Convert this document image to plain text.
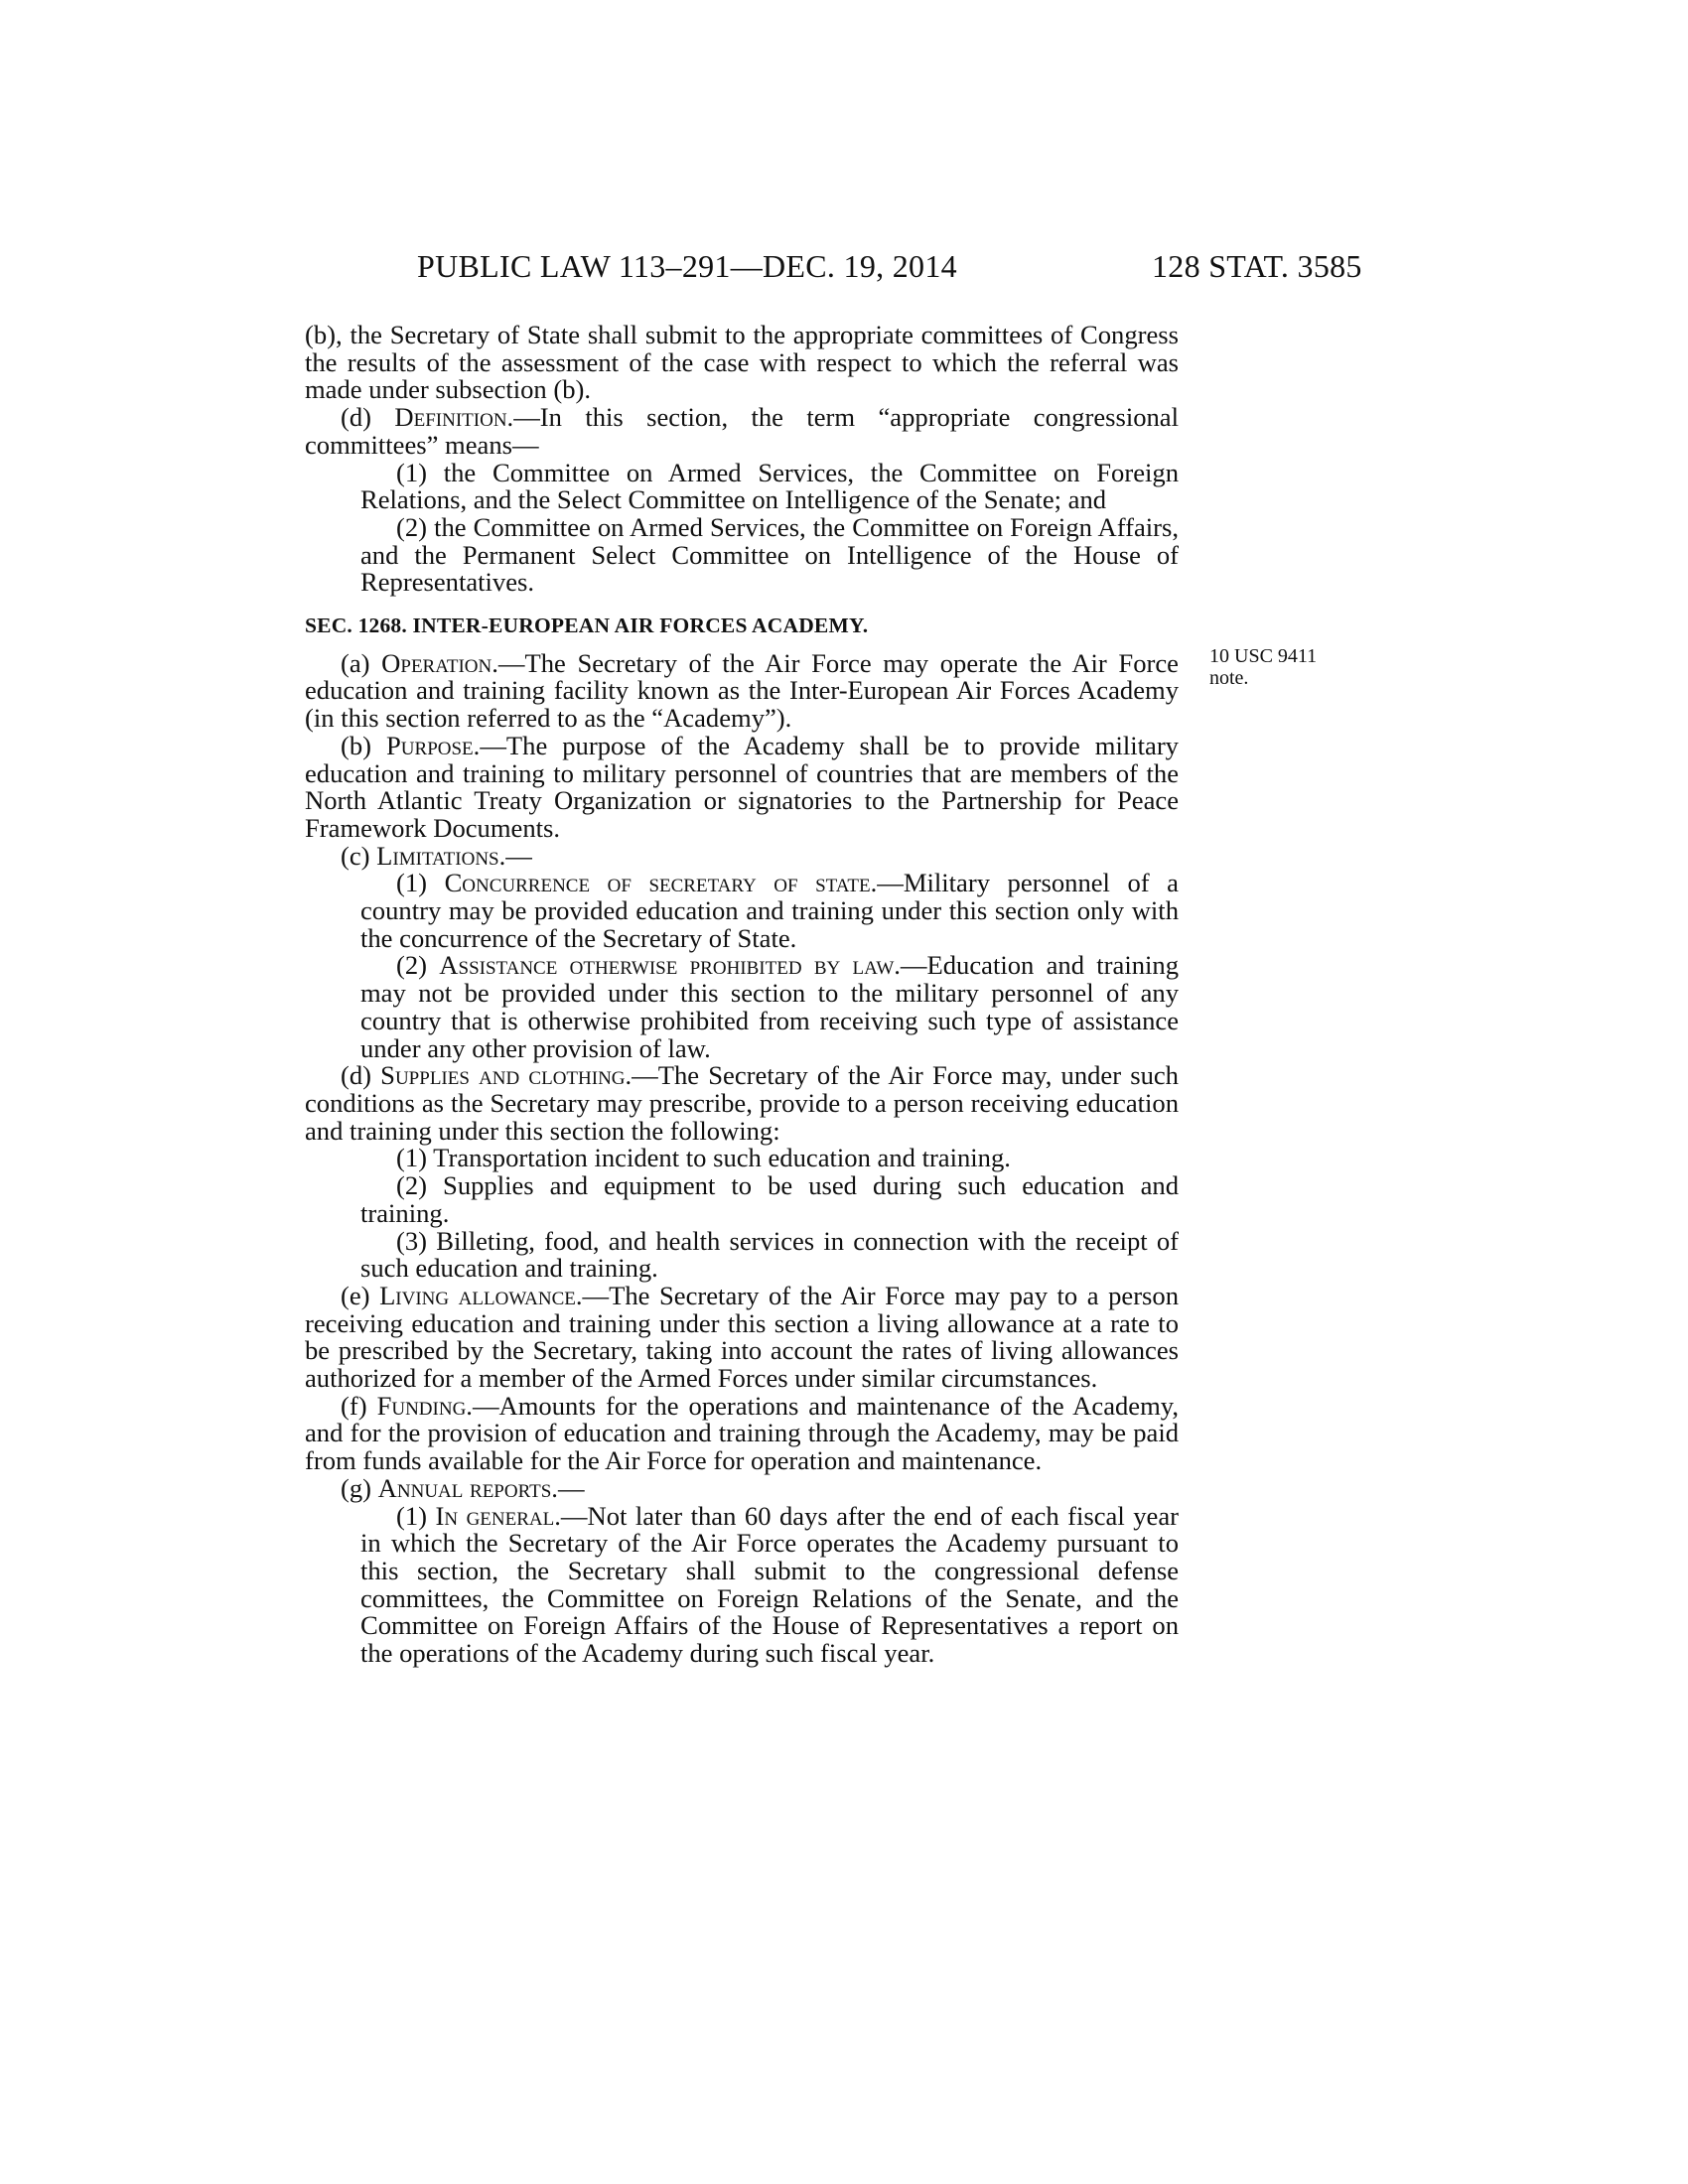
PUBLIC LAW 113–291—DEC. 19, 2014	128 STAT. 3585
10 USC 9411
note.

(b), the Secretary of State shall submit to the appropriate committees of Congress the results of the assessment of the case with respect to which the referral was made under subsection (b).

(d) Definition.—In this section, the term “appropriate congressional committees” means—

(1) the Committee on Armed Services, the Committee on Foreign Relations, and the Select Committee on Intelligence of the Senate; and

(2) the Committee on Armed Services, the Committee on Foreign Affairs, and the Permanent Select Committee on Intelligence of the House of Representatives.

SEC. 1268. INTER-EUROPEAN AIR FORCES ACADEMY.

(a) Operation.—The Secretary of the Air Force may operate the Air Force education and training facility known as the Inter-European Air Forces Academy (in this section referred to as the “Academy”).

(b) Purpose.—The purpose of the Academy shall be to provide military education and training to military personnel of countries that are members of the North Atlantic Treaty Organization or signatories to the Partnership for Peace Framework Documents.

(c) Limitations.—

(1) Concurrence of secretary of state.—Military personnel of a country may be provided education and training under this section only with the concurrence of the Secretary of State.

(2) Assistance otherwise prohibited by law.—Education and training may not be provided under this section to the military personnel of any country that is otherwise prohibited from receiving such type of assistance under any other provision of law.

(d) Supplies and clothing.—The Secretary of the Air Force may, under such conditions as the Secretary may prescribe, provide to a person receiving education and training under this section the following:

(1) Transportation incident to such education and training.

(2) Supplies and equipment to be used during such education and training.

(3) Billeting, food, and health services in connection with the receipt of such education and training.

(e) Living allowance.—The Secretary of the Air Force may pay to a person receiving education and training under this section a living allowance at a rate to be prescribed by the Secretary, taking into account the rates of living allowances authorized for a member of the Armed Forces under similar circumstances.

(f) Funding.—Amounts for the operations and maintenance of the Academy, and for the provision of education and training through the Academy, may be paid from funds available for the Air Force for operation and maintenance.

(g) Annual reports.—

(1) In general.—Not later than 60 days after the end of each fiscal year in which the Secretary of the Air Force operates the Academy pursuant to this section, the Secretary shall submit to the congressional defense committees, the Committee on Foreign Relations of the Senate, and the Committee on Foreign Affairs of the House of Representatives a report on the operations of the Academy during such fiscal year.
